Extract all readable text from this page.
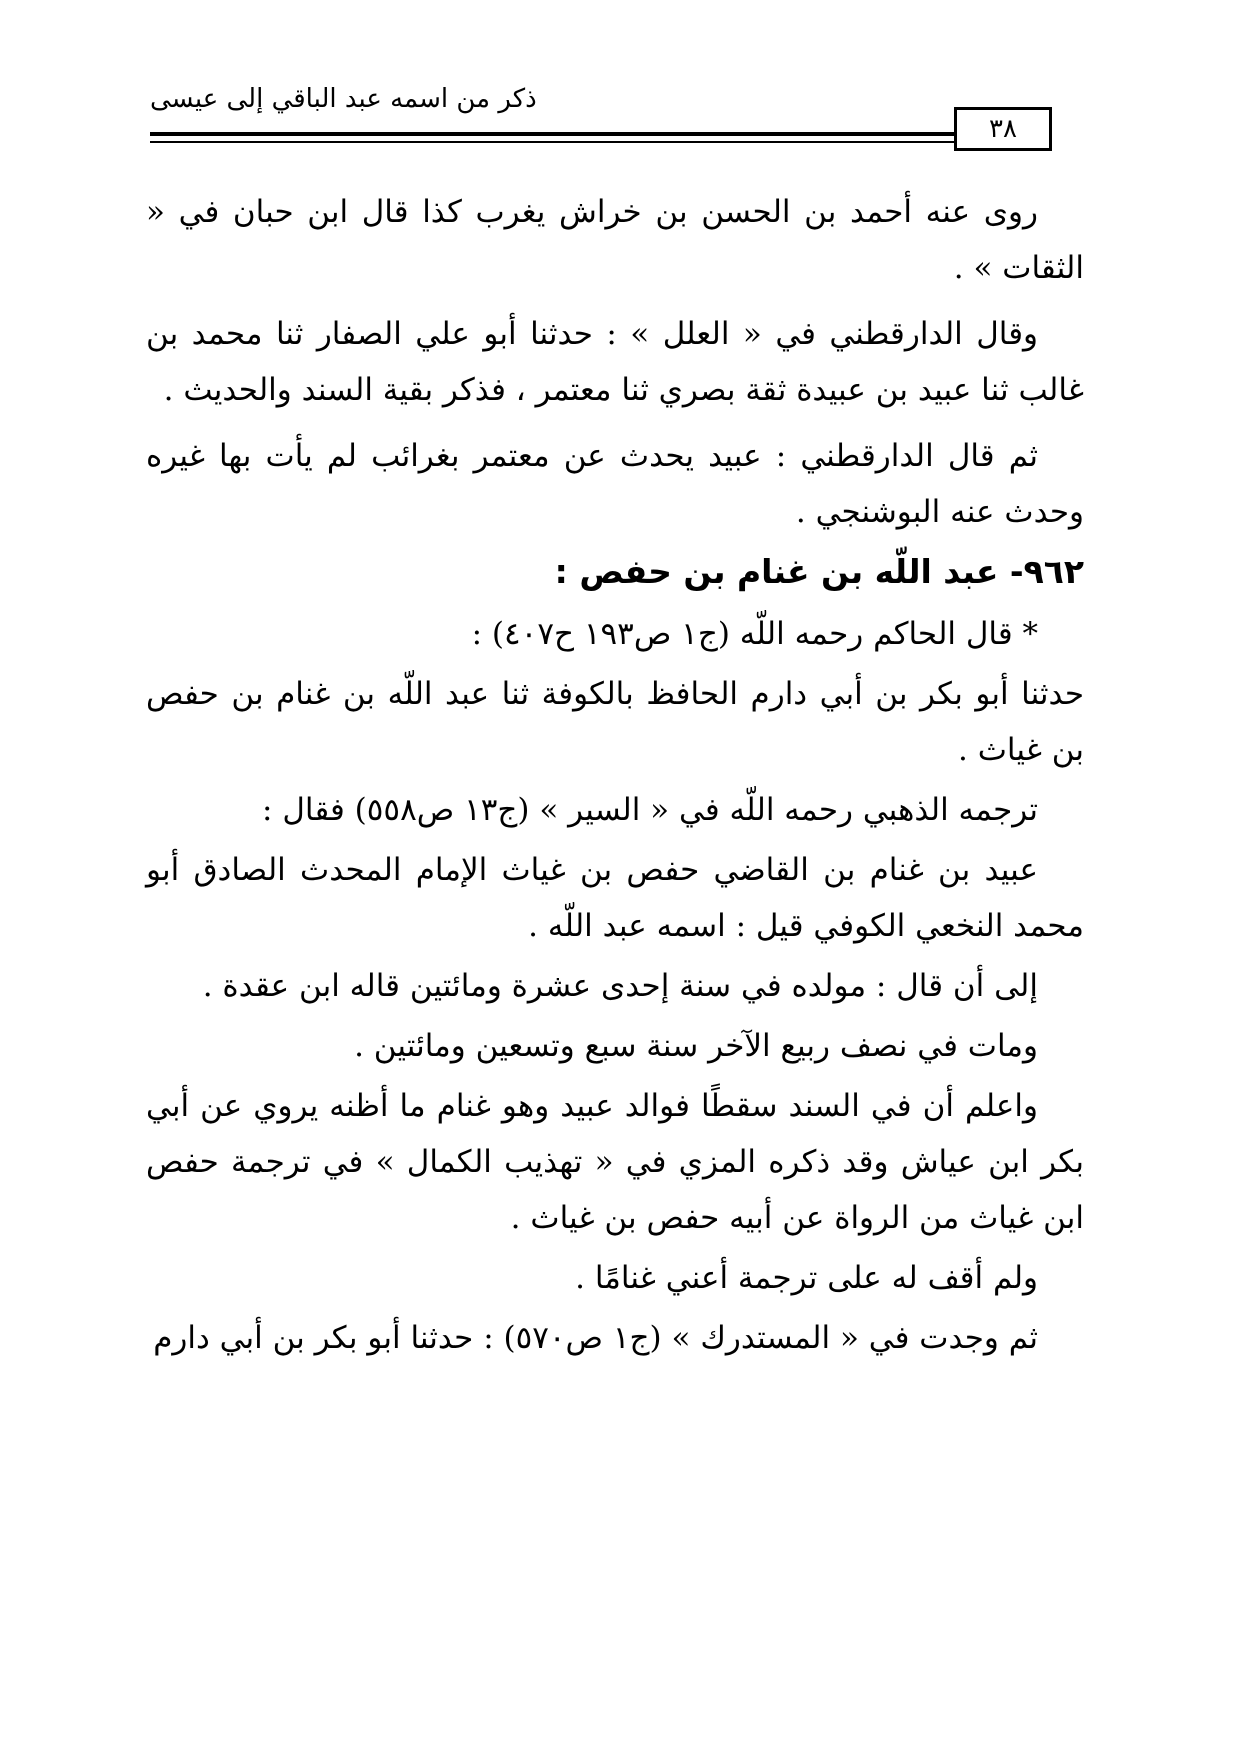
ذكر من اسمه عبد الباقي إلى عيسى
٣٨

روى عنه أحمد بن الحسن بن خراش يغرب كذا قال ابن حبان في « الثقات » .

وقال الدارقطني في « العلل » : حدثنا أبو علي الصفار ثنا محمد بن غالب ثنا عبيد بن عبيدة ثقة بصري ثنا معتمر ، فذكر بقية السند والحديث .

ثم قال الدارقطني : عبيد يحدث عن معتمر بغرائب لم يأت بها غيره وحدث عنه البوشنجي .

٩٦٢- عبد اللّه بن غنام بن حفص :

* قال الحاكم رحمه اللّه (ج١ ص١٩٣ ح٤٠٧) :

حدثنا أبو بكر بن أبي دارم الحافظ بالكوفة ثنا عبد اللّه بن غنام بن حفص بن غياث .

ترجمه الذهبي رحمه اللّه في « السير » (ج١٣ ص٥٥٨) فقال :

عبيد بن غنام بن القاضي حفص بن غياث الإمام المحدث الصادق أبو محمد النخعي الكوفي قيل : اسمه عبد اللّه .

إلى أن قال : مولده في سنة إحدى عشرة ومائتين قاله ابن عقدة .

ومات في نصف ربيع الآخر سنة سبع وتسعين ومائتين .

واعلم أن في السند سقطًا فوالد عبيد وهو غنام ما أظنه يروي عن أبي بكر ابن عياش وقد ذكره المزي في « تهذيب الكمال » في ترجمة حفص ابن غياث من الرواة عن أبيه حفص بن غياث .

ولم أقف له على ترجمة أعني غنامًا .

ثم وجدت في « المستدرك » (ج١ ص٥٧٠) : حدثنا أبو بكر بن أبي دارم
